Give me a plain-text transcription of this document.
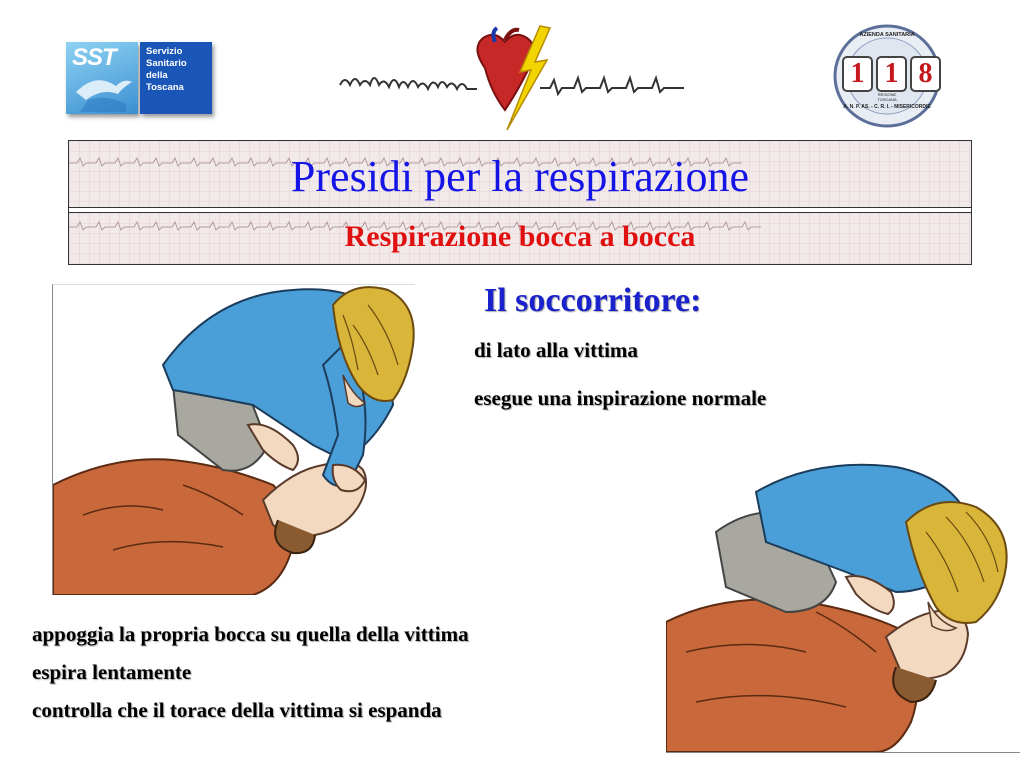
SST	Servizio
Sanitario
della
Toscana
AZIENDA SANITARIA
1 1 8
REGIONE TOSCANA
A. N. P. AS. - C. R. I. - MISERICORDIE
Presidi per la respirazione
Respirazione bocca a bocca
Il soccorritore:
di lato alla vittima
esegue una inspirazione normale
appoggia la propria bocca su quella della vittima
espira lentamente
controlla che il torace della vittima si espanda
